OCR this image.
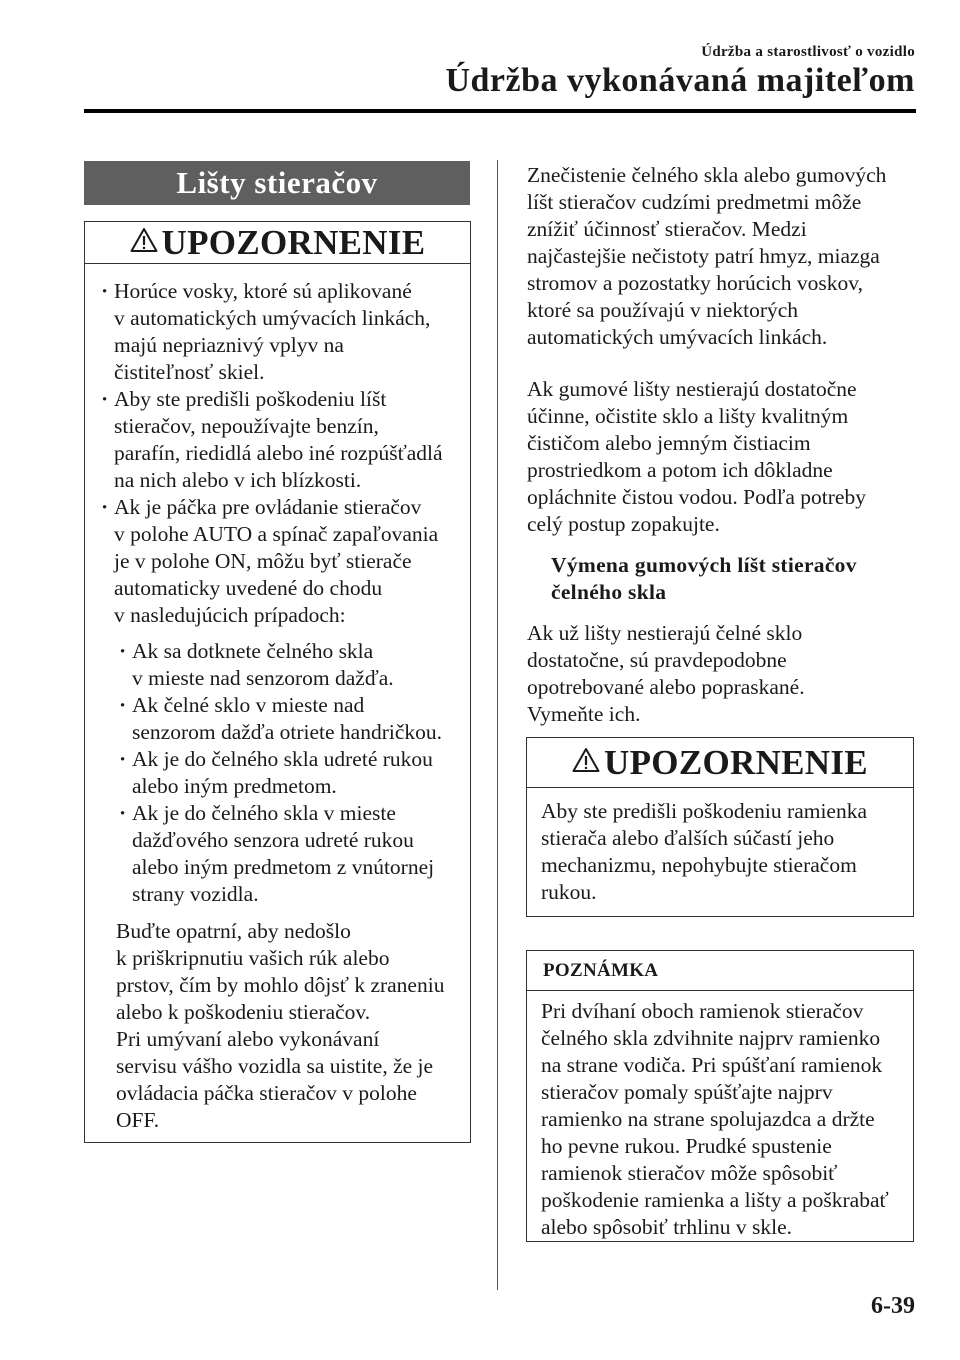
Údržba a starostlivosť o vozidlo
Údržba vykonávaná majiteľom
Lišty stieračov
UPOZORNENIE
· Horúce vosky, ktoré sú aplikované
v automatických umývacích linkách,
majú nepriaznivý vplyv na
čistiteľnosť skiel.
· Aby ste predišli poškodeniu líšt
stieračov, nepoužívajte benzín,
parafín, riedidlá alebo iné rozpúšťadlá
na nich alebo v ich blízkosti.
· Ak je páčka pre ovládanie stieračov
v polohe AUTO a spínač zapaľovania
je v polohe ON, môžu byť stierače
automaticky uvedené do chodu
v nasledujúcich prípadoch:
· Ak sa dotknete čelného skla
v mieste nad senzorom dažďa.
· Ak čelné sklo v mieste nad
senzorom dažďa otriete handričkou.
· Ak je do čelného skla udreté rukou
alebo iným predmetom.
· Ak je do čelného skla v mieste
dažďového senzora udreté rukou
alebo iným predmetom z vnútornej
strany vozidla.
Buďte opatrní, aby nedošlo
k priškripnutiu vašich rúk alebo
prstov, čím by mohlo dôjsť k zraneniu
alebo k poškodeniu stieračov.
Pri umývaní alebo vykonávaní
servisu vášho vozidla sa uistite, že je
ovládacia páčka stieračov v polohe
OFF.
Znečistenie čelného skla alebo gumových
líšt stieračov cudzími predmetmi môže
znížiť účinnosť stieračov. Medzi
najčastejšie nečistoty patrí hmyz, miazga
stromov a pozostatky horúcich voskov,
ktoré sa používajú v niektorých
automatických umývacích linkách.
Ak gumové lišty nestierajú dostatočne
účinne, očistite sklo a lišty kvalitným
čističom alebo jemným čistiacim
prostriedkom a potom ich dôkladne
opláchnite čistou vodou. Podľa potreby
celý postup zopakujte.
Výmena gumových líšt stieračov
čelného skla
Ak už lišty nestierajú čelné sklo
dostatočne, sú pravdepodobne
opotrebované alebo popraskané.
Vymeňte ich.
UPOZORNENIE
Aby ste predišli poškodeniu ramienka
stierača alebo ďalších súčastí jeho
mechanizmu, nepohybujte stieračom
rukou.
POZNÁMKA
Pri dvíhaní oboch ramienok stieračov
čelného skla zdvihnite najprv ramienko
na strane vodiča. Pri spúšťaní ramienok
stieračov pomaly spúšťajte najprv
ramienko na strane spolujazdca a držte
ho pevne rukou. Prudké spustenie
ramienok stieračov môže spôsobiť
poškodenie ramienka a lišty a poškrabať
alebo spôsobiť trhlinu v skle.
6-39
